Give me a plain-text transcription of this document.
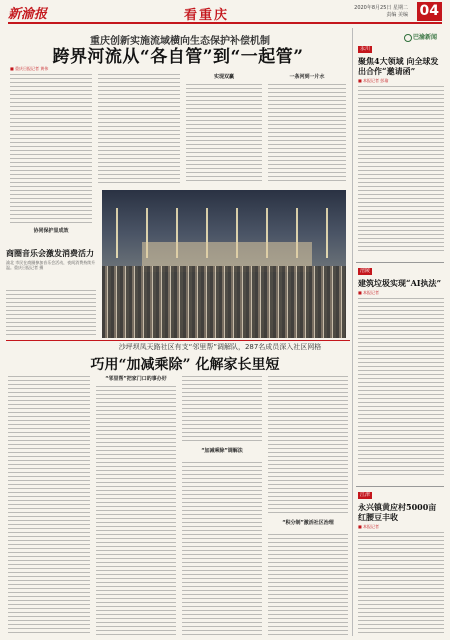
新渝报	看重庆	2020年8月25日 星期二
责编 美编 04
重庆创新实施流域横向生态保护补偿机制
跨界河流从“各自管”到“一起管”
■ 重庆日报记者 黄伟
实现双赢	一条河到一片水
协同保护显成效
商圈音乐会激发消费活力
渝北 市民在商圈参加音乐会活动，夜间消费持续升温。重庆日报记者 摄
沙坪坝凤天路社区有支“邻里帮”调解队，287名成员深入社区网格
巧用“加减乘除” 化解家长里短
“邻里帮”把家门口的事办好
“加减乘除”调解法
“积分制”激活社区治理
巴渝新闻
永川
聚焦4大领域 向全球发出合作“邀请函”
■ 本报记者 彭瑜
涪陵
建筑垃圾实现“AI执法”
■ 本报记者
江津
永兴镇黄应村5000亩红腰豆丰收
■ 本报记者
